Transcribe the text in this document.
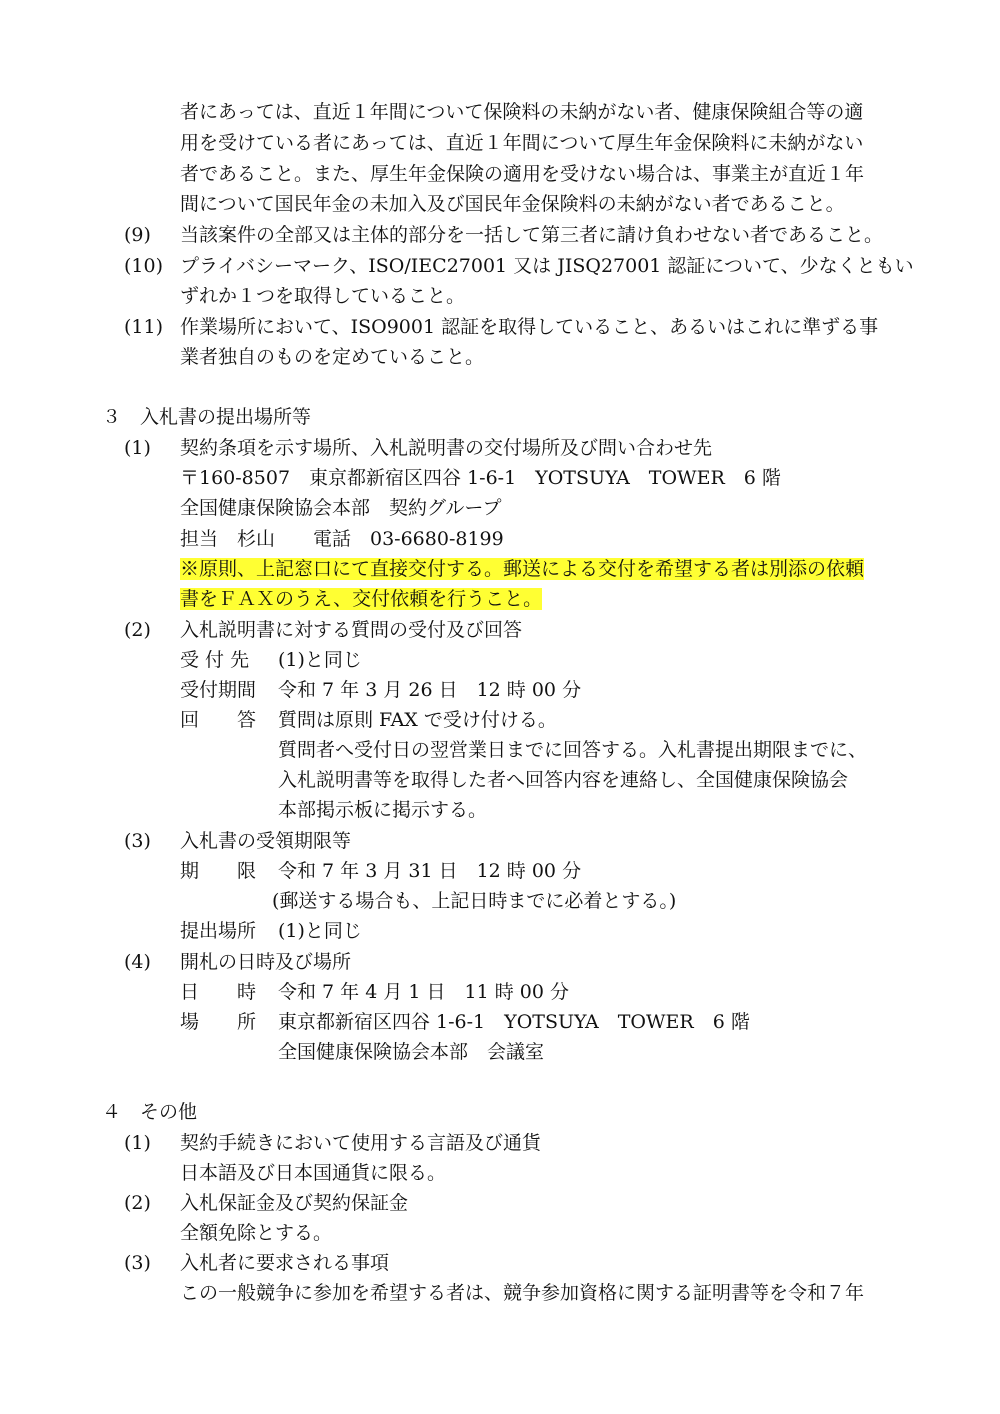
者にあっては、直近１年間について保険料の未納がない者、健康保険組合等の適
用を受けている者にあっては、直近１年間について厚生年金保険料に未納がない
者であること。また、厚生年金保険の適用を受けない場合は、事業主が直近１年
間について国民年金の未加入及び国民年金保険料の未納がない者であること。
(9) 当該案件の全部又は主体的部分を一括して第三者に請け負わせない者であること。
(10) プライバシーマーク、ISO/IEC27001 又は JISQ27001 認証について、少なくともい
ずれか１つを取得していること。
(11) 作業場所において、ISO9001 認証を取得していること、あるいはこれに準ずる事
業者独自のものを定めていること。
３　入札書の提出場所等
(1) 契約条項を示す場所、入札説明書の交付場所及び問い合わせ先
〒160-8507　東京都新宿区四谷 1-6-1　YOTSUYA　TOWER　6 階
全国健康保険協会本部　契約グループ
担当　杉山　　電話　03-6680-8199
※原則、上記窓口にて直接交付する。郵送による交付を希望する者は別添の依頼
書をＦＡＸのうえ、交付依頼を行うこと。
(2) 入札説明書に対する質問の受付及び回答
受 付 先 (1)と同じ
受付期間 令和 7 年 3 月 26 日　12 時 00 分
回　　答 質問は原則 FAX で受け付ける。
質問者へ受付日の翌営業日までに回答する。入札書提出期限までに、
入札説明書等を取得した者へ回答内容を連絡し、全国健康保険協会
本部掲示板に掲示する。
(3) 入札書の受領期限等
期　　限 令和 7 年 3 月 31 日　12 時 00 分
(郵送する場合も、上記日時までに必着とする。)
提出場所 (1)と同じ
(4) 開札の日時及び場所
日　　時 令和 7 年 4 月 1 日　11 時 00 分
場　　所 東京都新宿区四谷 1-6-1　YOTSUYA　TOWER　6 階
全国健康保険協会本部　会議室
４　その他
(1) 契約手続きにおいて使用する言語及び通貨
日本語及び日本国通貨に限る。
(2) 入札保証金及び契約保証金
全額免除とする。
(3) 入札者に要求される事項
この一般競争に参加を希望する者は、競争参加資格に関する証明書等を令和７年
